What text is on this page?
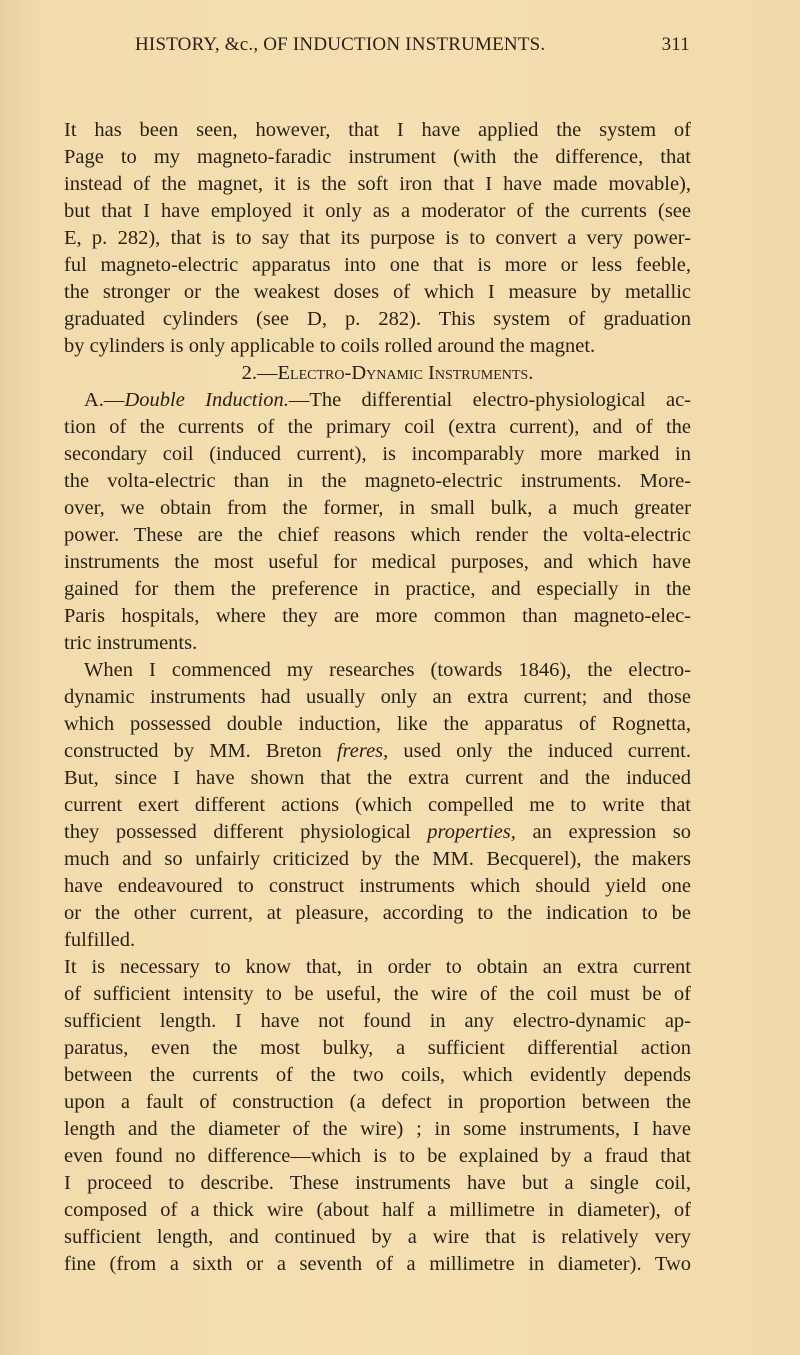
HISTORY, &c., OF INDUCTION INSTRUMENTS.	311
It has been seen, however, that I have applied the system of
Page to my magneto-faradic instrument (with the difference, that
instead of the magnet, it is the soft iron that I have made movable),
but that I have employed it only as a moderator of the currents (see
E, p. 282), that is to say that its purpose is to convert a very power-
ful magneto-electric apparatus into one that is more or less feeble,
the stronger or the weakest doses of which I measure by metallic
graduated cylinders (see D, p. 282). This system of graduation
by cylinders is only applicable to coils rolled around the magnet.
2.—Electro-Dynamic Instruments.
A.—Double Induction.—The differential electro-physiological ac-
tion of the currents of the primary coil (extra current), and of the
secondary coil (induced current), is incomparably more marked in
the volta-electric than in the magneto-electric instruments. More-
over, we obtain from the former, in small bulk, a much greater
power. These are the chief reasons which render the volta-electric
instruments the most useful for medical purposes, and which have
gained for them the preference in practice, and especially in the
Paris hospitals, where they are more common than magneto-elec-
tric instruments.
When I commenced my researches (towards 1846), the electro-
dynamic instruments had usually only an extra current; and those
which possessed double induction, like the apparatus of Rognetta,
constructed by MM. Breton freres, used only the induced current.
But, since I have shown that the extra current and the induced
current exert different actions (which compelled me to write that
they possessed different physiological properties, an expression so
much and so unfairly criticized by the MM. Becquerel), the makers
have endeavoured to construct instruments which should yield one
or the other current, at pleasure, according to the indication to be
fulfilled.
It is necessary to know that, in order to obtain an extra current
of sufficient intensity to be useful, the wire of the coil must be of
sufficient length. I have not found in any electro-dynamic ap-
paratus, even the most bulky, a sufficient differential action
between the currents of the two coils, which evidently depends
upon a fault of construction (a defect in proportion between the
length and the diameter of the wire) ; in some instruments, I have
even found no difference—which is to be explained by a fraud that
I proceed to describe. These instruments have but a single coil,
composed of a thick wire (about half a millimetre in diameter), of
sufficient length, and continued by a wire that is relatively very
fine (from a sixth or a seventh of a millimetre in diameter). Two
